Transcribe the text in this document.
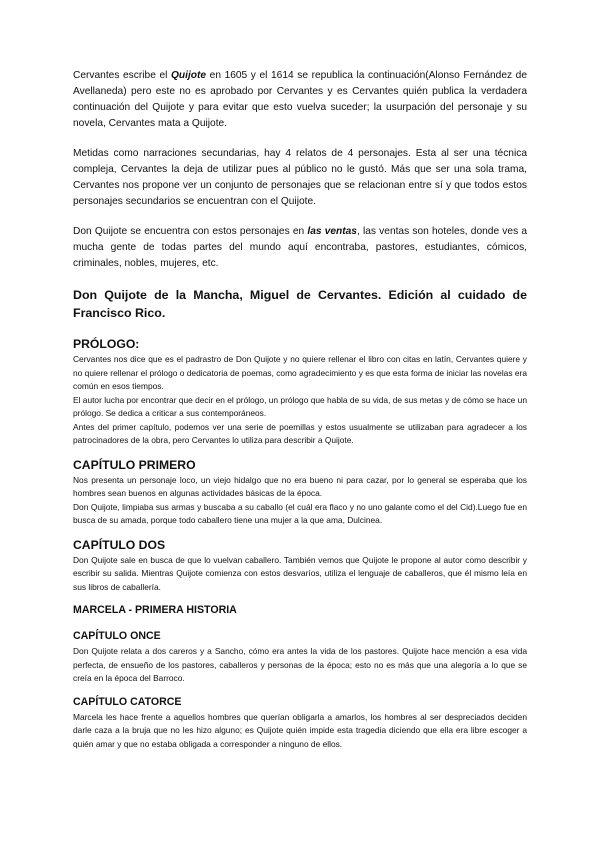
Cervantes escribe el Quijote en 1605 y el 1614 se republica la continuación(Alonso Fernández de Avellaneda) pero este no es aprobado por Cervantes y es Cervantes quién publica la verdadera continuación del Quijote y para evitar que esto vuelva suceder; la usurpación del personaje y su novela, Cervantes mata a Quijote.

Metidas como narraciones secundarias, hay 4 relatos de 4 personajes. Esta al ser una técnica compleja, Cervantes la deja de utilizar pues al público no le gustó. Más que ser una sola trama, Cervantes nos propone ver un conjunto de personajes que se relacionan entre sí y que todos estos personajes secundarios se encuentran con el Quijote.

Don Quijote se encuentra con estos personajes en las ventas, las ventas son hoteles, donde ves a mucha gente de todas partes del mundo aquí encontraba, pastores, estudiantes, cómicos, criminales, nobles, mujeres, etc.

Don Quijote de la Mancha, Miguel de Cervantes. Edición al cuidado de Francisco Rico.
PRÓLOGO:

Cervantes nos dice que es el padrastro de Don Quijote y no quiere rellenar el libro con citas en latín, Cervantes quiere y no quiere rellenar el prólogo o dedicatoria de poemas, como agradecimiento y es que esta forma de iniciar las novelas era común en esos tiempos.

El autor lucha por encontrar que decir en el prólogo, un prólogo que habla de su vida, de sus metas y de cómo se hace un prólogo. Se dedica a criticar a sus contemporáneos.

Antes del primer capítulo, podemos ver una serie de poemillas y estos usualmente se utilizaban para agradecer a los patrocinadores de la obra, pero Cervantes lo utiliza para describir a Quijote.

CAPÍTULO PRIMERO

Nos presenta un personaje loco, un viejo hidalgo que no era bueno ni para cazar, por lo general se esperaba que los hombres sean buenos en algunas actividades básicas de la época.

Don Quijote, limpiaba sus armas y buscaba a su caballo (el cuál era flaco y no uno galante como el del Cid).Luego fue en busca de su amada, porque todo caballero tiene una mujer a la que ama, Dulcinea.

CAPÍTULO DOS

Don Quijote sale en busca de que lo vuelvan caballero. También vemos que Quijote le propone al autor como describir y escribir su salida. Mientras Quijote comienza con estos desvaríos, utiliza el lenguaje de caballeros, que él mismo leía en sus libros de caballería.

MARCELA - PRIMERA HISTORIA
CAPÍTULO ONCE

Don Quijote relata a dos careros y a Sancho, cómo era antes la vida de los pastores. Quijote hace mención a esa vida perfecta, de ensueño de los pastores, caballeros y personas de la época; esto no es más que una alegoría a lo que se creía en la época del Barroco.

CAPÍTULO CATORCE

Marcela les hace frente a aquellos hombres que querían obligarla a amarlos, los hombres al ser despreciados deciden darle caza a la bruja que no les hizo alguno; es Quijote quién impide esta tragedia diciendo que ella era libre escoger a quién amar y que no estaba obligada a corresponder a ninguno de ellos.
